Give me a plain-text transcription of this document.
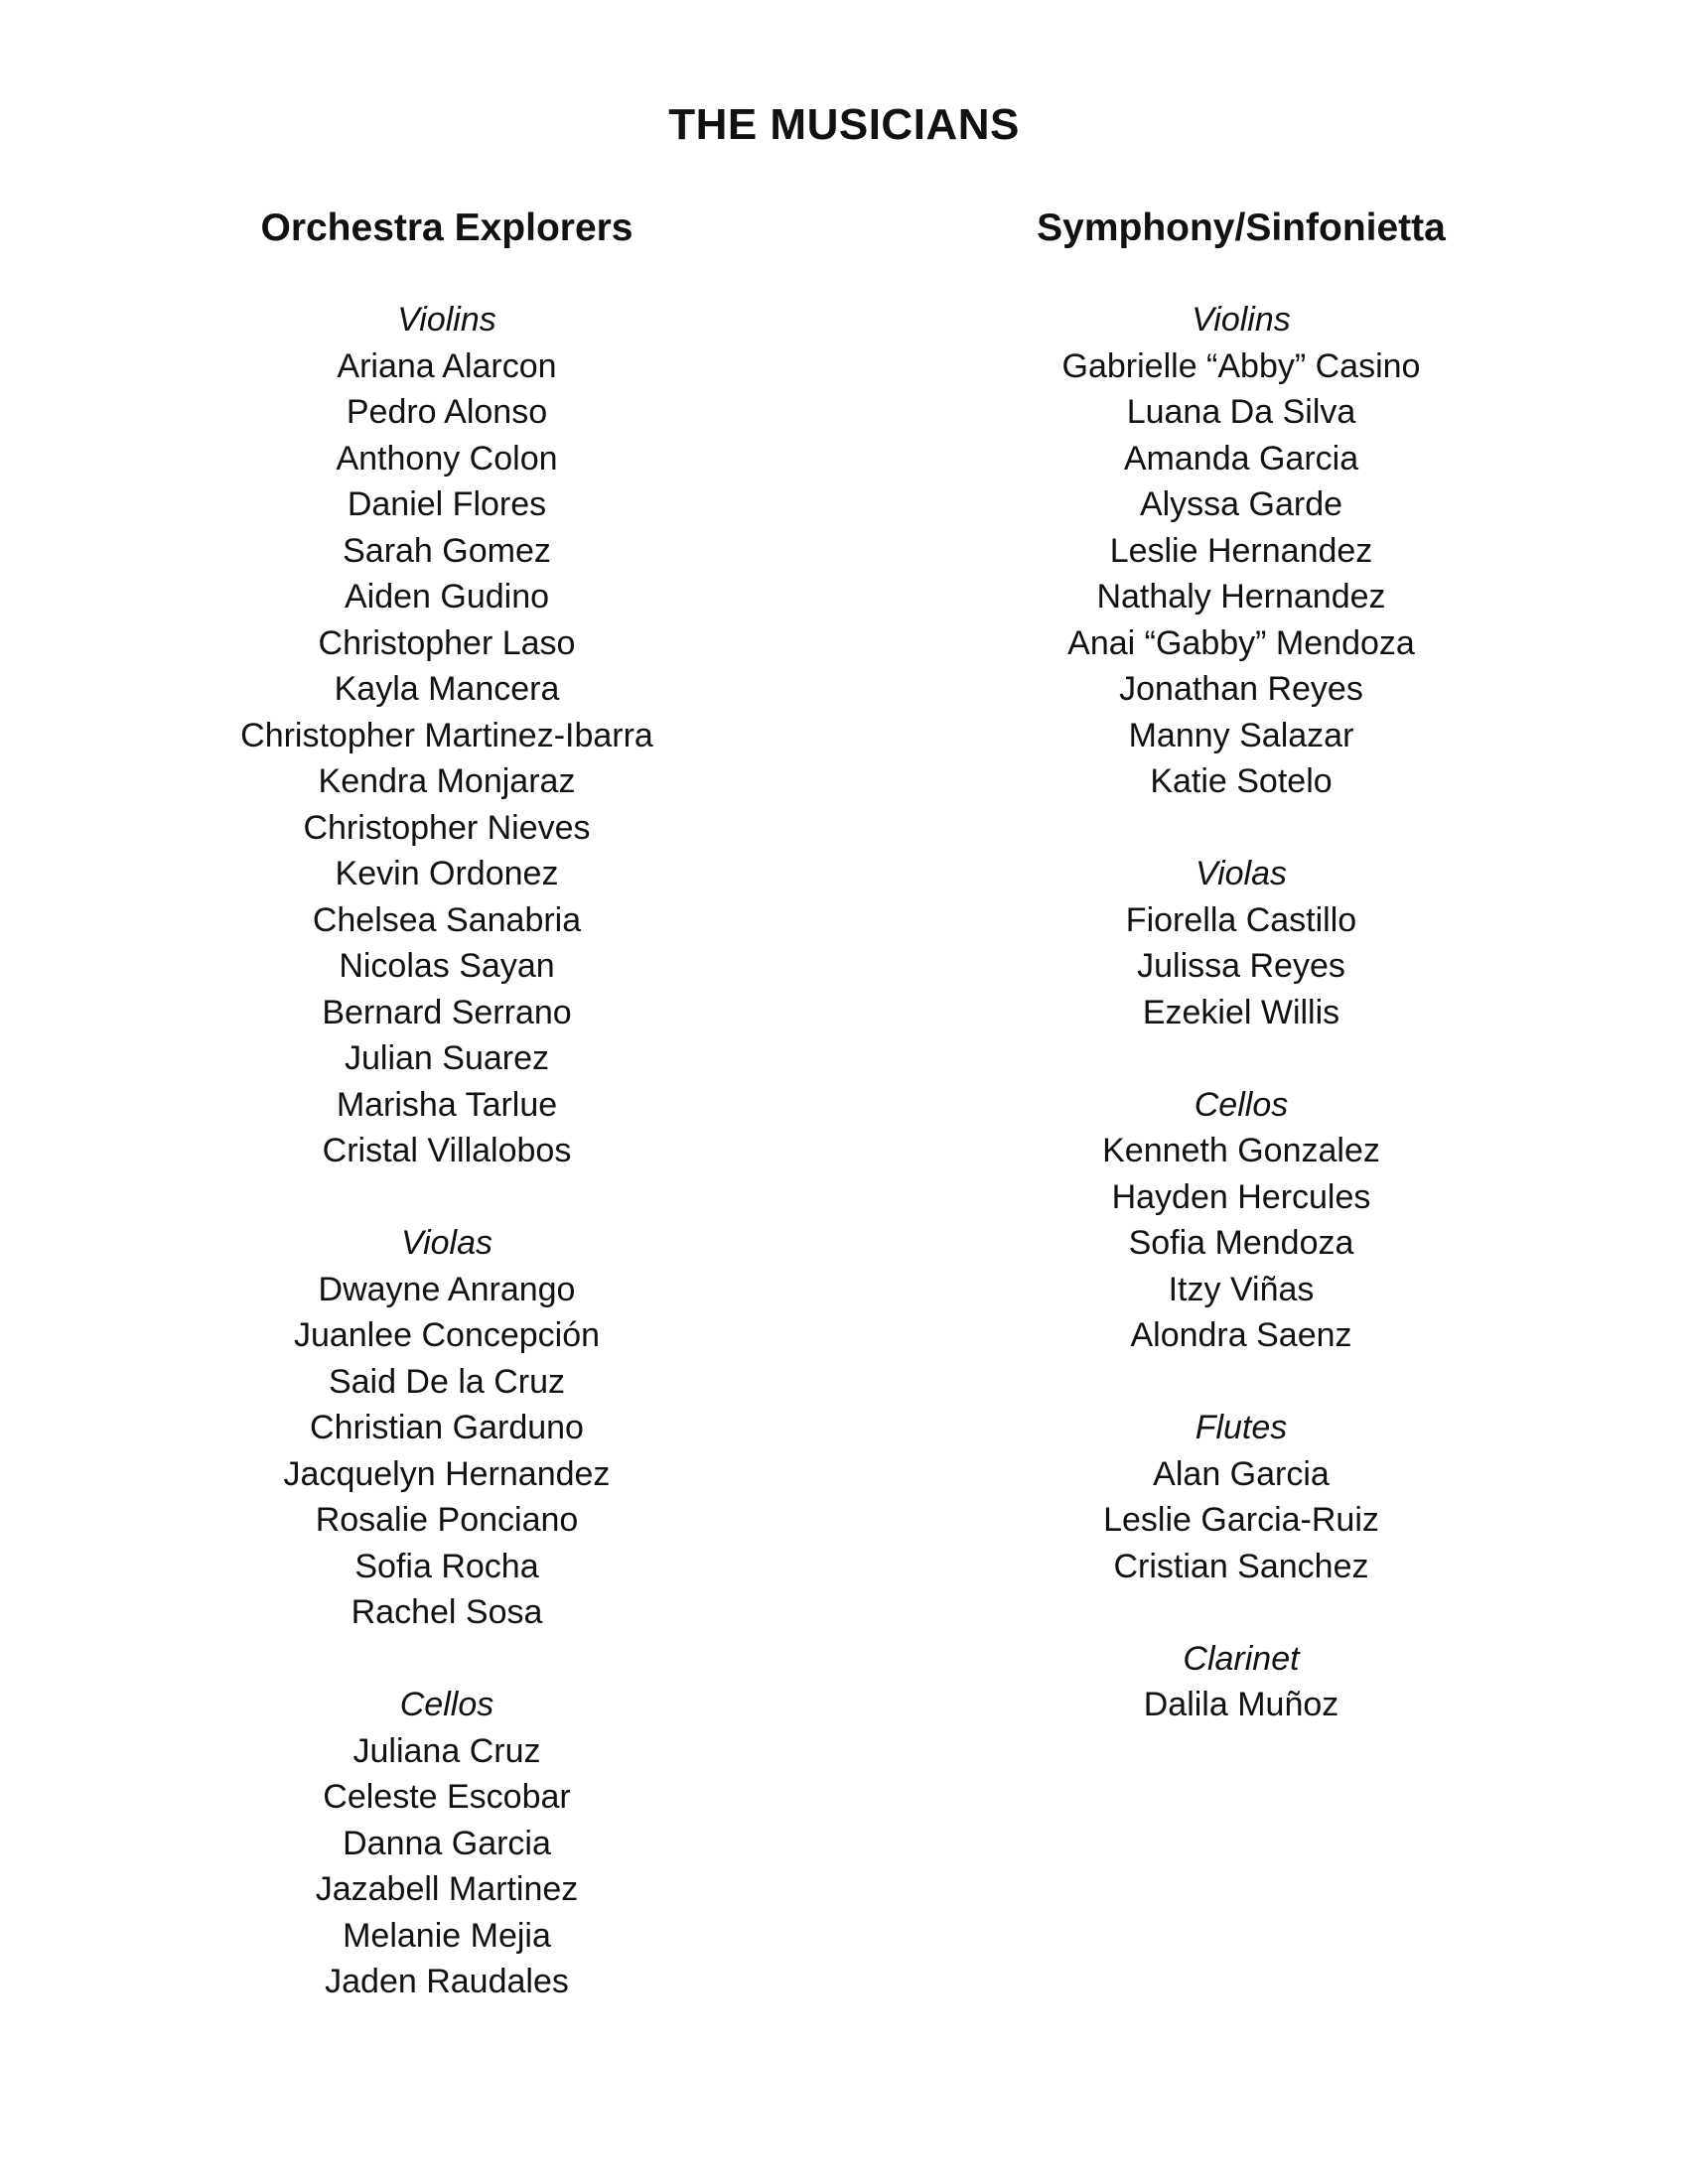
THE MUSICIANS
Orchestra Explorers
Violins
Ariana Alarcon
Pedro Alonso
Anthony Colon
Daniel Flores
Sarah Gomez
Aiden Gudino
Christopher Laso
Kayla Mancera
Christopher Martinez-Ibarra
Kendra Monjaraz
Christopher Nieves
Kevin Ordonez
Chelsea Sanabria
Nicolas Sayan
Bernard Serrano
Julian Suarez
Marisha Tarlue
Cristal Villalobos
Violas
Dwayne Anrango
Juanlee Concepción
Said De la Cruz
Christian Garduno
Jacquelyn Hernandez
Rosalie Ponciano
Sofia Rocha
Rachel Sosa
Cellos
Juliana Cruz
Celeste Escobar
Danna Garcia
Jazabell Martinez
Melanie Mejia
Jaden Raudales
Symphony/Sinfonietta
Violins
Gabrielle “Abby” Casino
Luana Da Silva
Amanda Garcia
Alyssa Garde
Leslie Hernandez
Nathaly Hernandez
Anai “Gabby” Mendoza
Jonathan Reyes
Manny Salazar
Katie Sotelo
Violas
Fiorella Castillo
Julissa Reyes
Ezekiel Willis
Cellos
Kenneth Gonzalez
Hayden Hercules
Sofia Mendoza
Itzy Viñas
Alondra Saenz
Flutes
Alan Garcia
Leslie Garcia-Ruiz
Cristian Sanchez
Clarinet
Dalila Muñoz
